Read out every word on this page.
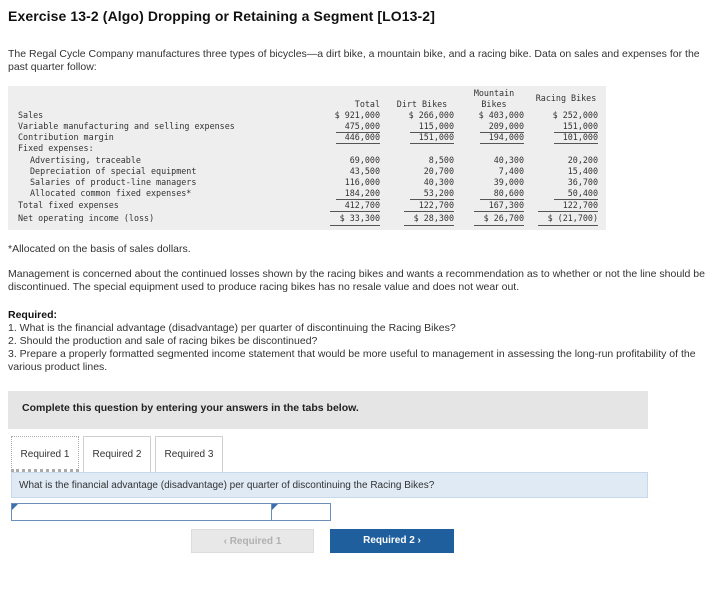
Exercise 13-2 (Algo) Dropping or Retaining a Segment [LO13-2]
The Regal Cycle Company manufactures three types of bicycles—a dirt bike, a mountain bike, and a racing bike. Data on sales and expenses for the past quarter follow:
Mountain
Bikes
Racing Bikes
Total	Dirt Bikes
Sales	$ 921,000	$ 266,000	$ 403,000	$ 252,000
Variable manufacturing and selling expenses	475,000	115,000	209,000	151,000
Contribution margin	446,000	151,000	194,000	101,000
Fixed expenses:
Advertising, traceable	69,000	8,500	40,300	20,200
Depreciation of special equipment	43,500	20,700	7,400	15,400
Salaries of product-line managers	116,000	40,300	39,000	36,700
Allocated common fixed expenses*	184,200	53,200	80,600	50,400
Total fixed expenses	412,700	122,700	167,300	122,700
Net operating income (loss)	$ 33,300	$ 28,300	$ 26,700	$ (21,700)
*Allocated on the basis of sales dollars.
Management is concerned about the continued losses shown by the racing bikes and wants a recommendation as to whether or not the line should be discontinued. The special equipment used to produce racing bikes has no resale value and does not wear out.
Required:
1. What is the financial advantage (disadvantage) per quarter of discontinuing the Racing Bikes?
2. Should the production and sale of racing bikes be discontinued?
3. Prepare a properly formatted segmented income statement that would be more useful to management in assessing the long-run profitability of the various product lines.
Complete this question by entering your answers in the tabs below.
Required 1	Required 2	Required 3
What is the financial advantage (disadvantage) per quarter of discontinuing the Racing Bikes?
‹ Required 1	Required 2 ›
